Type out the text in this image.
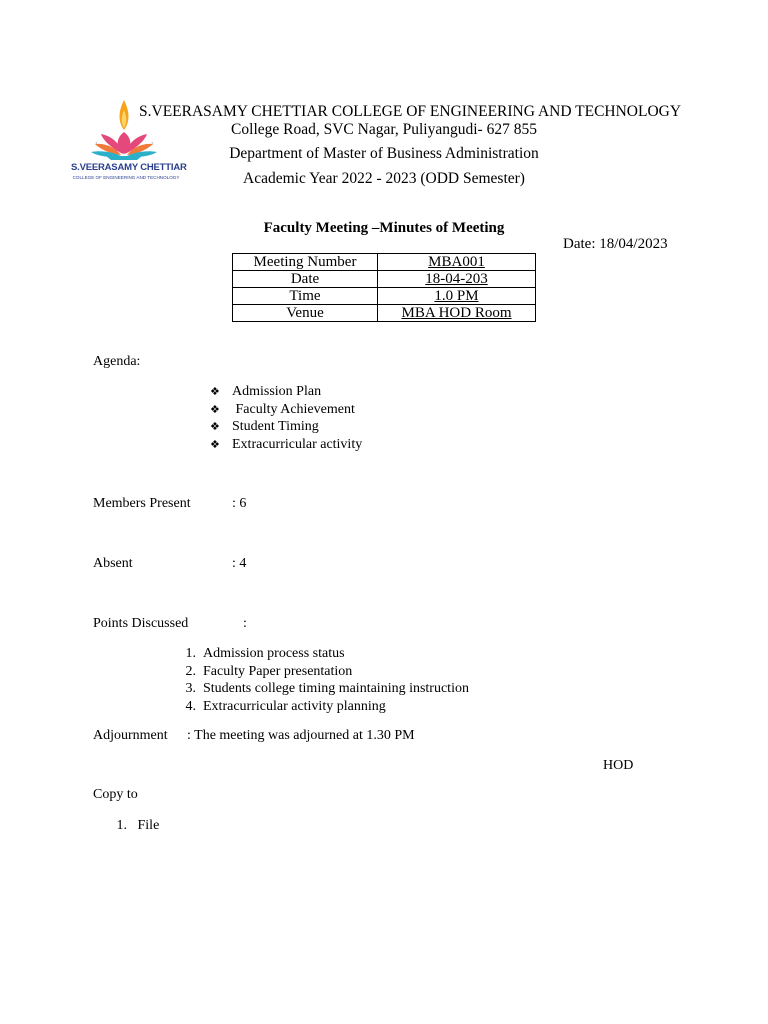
✦	✦
S.VEERASAMY CHETTIAR
COLLEGE OF ENGINEERING AND TECHNOLOGY
S.VEERASAMY CHETTIAR COLLEGE OF ENGINEERING AND TECHNOLOGY
College Road, SVC Nagar, Puliyangudi- 627 855
Department of Master of Business Administration
Academic Year 2022 - 2023 (ODD Semester)
Faculty Meeting –Minutes of Meeting
Date: 18/04/2023
Meeting Number	MBA001
Date	18-04-203
Time	1.0 PM
Venue	MBA HOD Room
Agenda:
❖ Admission Plan
❖ Faculty Achievement
❖ Student Timing
❖ Extracurricular activity
Members Present	: 6
Absent	: 4
Points Discussed	:
1. Admission process status
2. Faculty Paper presentation
3. Students college timing maintaining instruction
4. Extracurricular activity planning
Adjournment : The meeting was adjourned at 1.30 PM
HOD
Copy to
1. File
